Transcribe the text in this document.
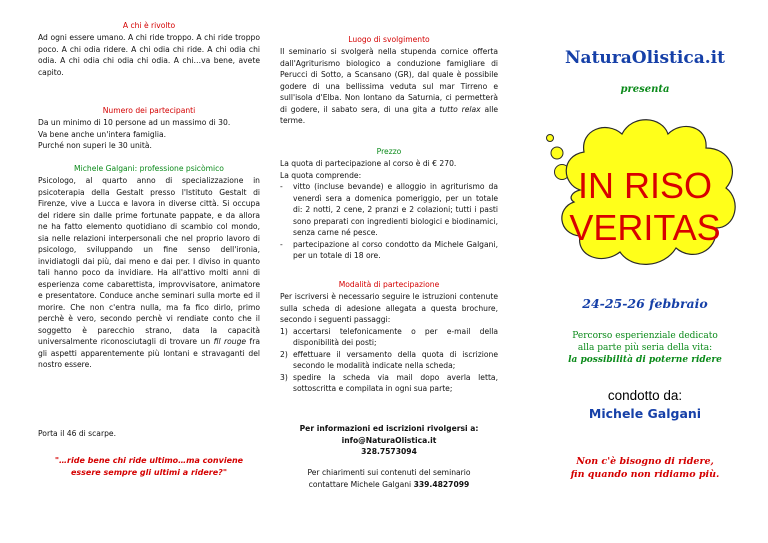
A chi è rivolto

Ad ogni essere umano. A chi ride troppo. A chi ride troppo poco. A chi odia ridere. A chi odia chi ride. A chi odia chi odia. A chi odia chi odia chi odia. A chi…va bene, avete capito.

Numero dei partecipanti

Da un minimo di 10 persone ad un massimo di 30.

Va bene anche un'intera famiglia.

Purché non superi le 30 unità.

Michele Galgani: professione psicòmico

Psicologo, al quarto anno di specializzazione in psicoterapia della Gestalt presso l'Istituto Gestalt di Firenze, vive a Lucca e lavora in diverse città. Si occupa del ridere sin dalle prime fortunate pappate, e da allora ne ha fatto elemento quotidiano di scambio col mondo, sia nelle relazioni interpersonali che nel proprio lavoro di psicologo, sviluppando un fine senso dell'ironia, invidiatogli dai più, dai meno e dai per. I diviso in quanto tali hanno poco da invidiare. Ha all'attivo molti anni di esperienza come cabarettista, improvvisatore, animatore e presentatore. Conduce anche seminari sulla morte ed il morire. Che non c'entra nulla, ma fa fico dirlo, primo perchè è vero, secondo perchè vi rendiate conto che il soggetto è parecchio strano, data la capacità universalmente riconosciutagli di trovare un fil rouge fra gli aspetti apparentemente più lontani e stravaganti del nostro essere.

Porta il 46 di scarpe.

"…ride bene chi ride ultimo…ma conviene essere sempre gli ultimi a ridere?"

Luogo di svolgimento

Il seminario si svolgerà nella stupenda cornice offerta dall'Agriturismo biologico a conduzione famigliare di Perucci di Sotto, a Scansano (GR), dal quale è possibile godere di una bellissima veduta sul mar Tirreno e sull'isola d'Elba. Non lontano da Saturnia, ci permetterà di godere, il sabato sera, di una gita a tutto relax alle terme.

Prezzo

La quota di partecipazione al corso è di € 270.

La quota comprende:

-	vitto (incluse bevande) e alloggio in agriturismo da venerdì sera a domenica pomeriggio, per un totale di: 2 notti, 2 cene, 2 pranzi e 2 colazioni; tutti i pasti sono preparati con ingredienti biologici e biodinamici, senza carne né pesce.
-	partecipazione al corso condotto da Michele Galgani, per un totale di 18 ore.
Modalità di partecipazione

Per iscriversi è necessario seguire le istruzioni contenute sulla scheda di adesione allegata a questa brochure, secondo i seguenti passaggi:

1) accertarsi telefonicamente o per e-mail della disponibilità dei posti;
2) effettuare il versamento della quota di iscrizione secondo le modalità indicate nella scheda;
3) spedire la scheda via mail dopo averla letta, sottoscritta e compilata in ogni sua parte;

Per informazioni ed iscrizioni rivolgersi a:

info@NaturaOlistica.it

328.7573094

Per chiarimenti sui contenuti del seminario

contattare Michele Galgani 339.4827099

NaturaOlistica.it
presenta
IN RISO
VERITAS
24-25-26 febbraio

Percorso esperienziale dedicato

alla parte più seria della vita:

la possibilità di poterne ridere

condotto da:
Michele Galgani

Non c'è bisogno di ridere,

fin quando non ridiamo più.
